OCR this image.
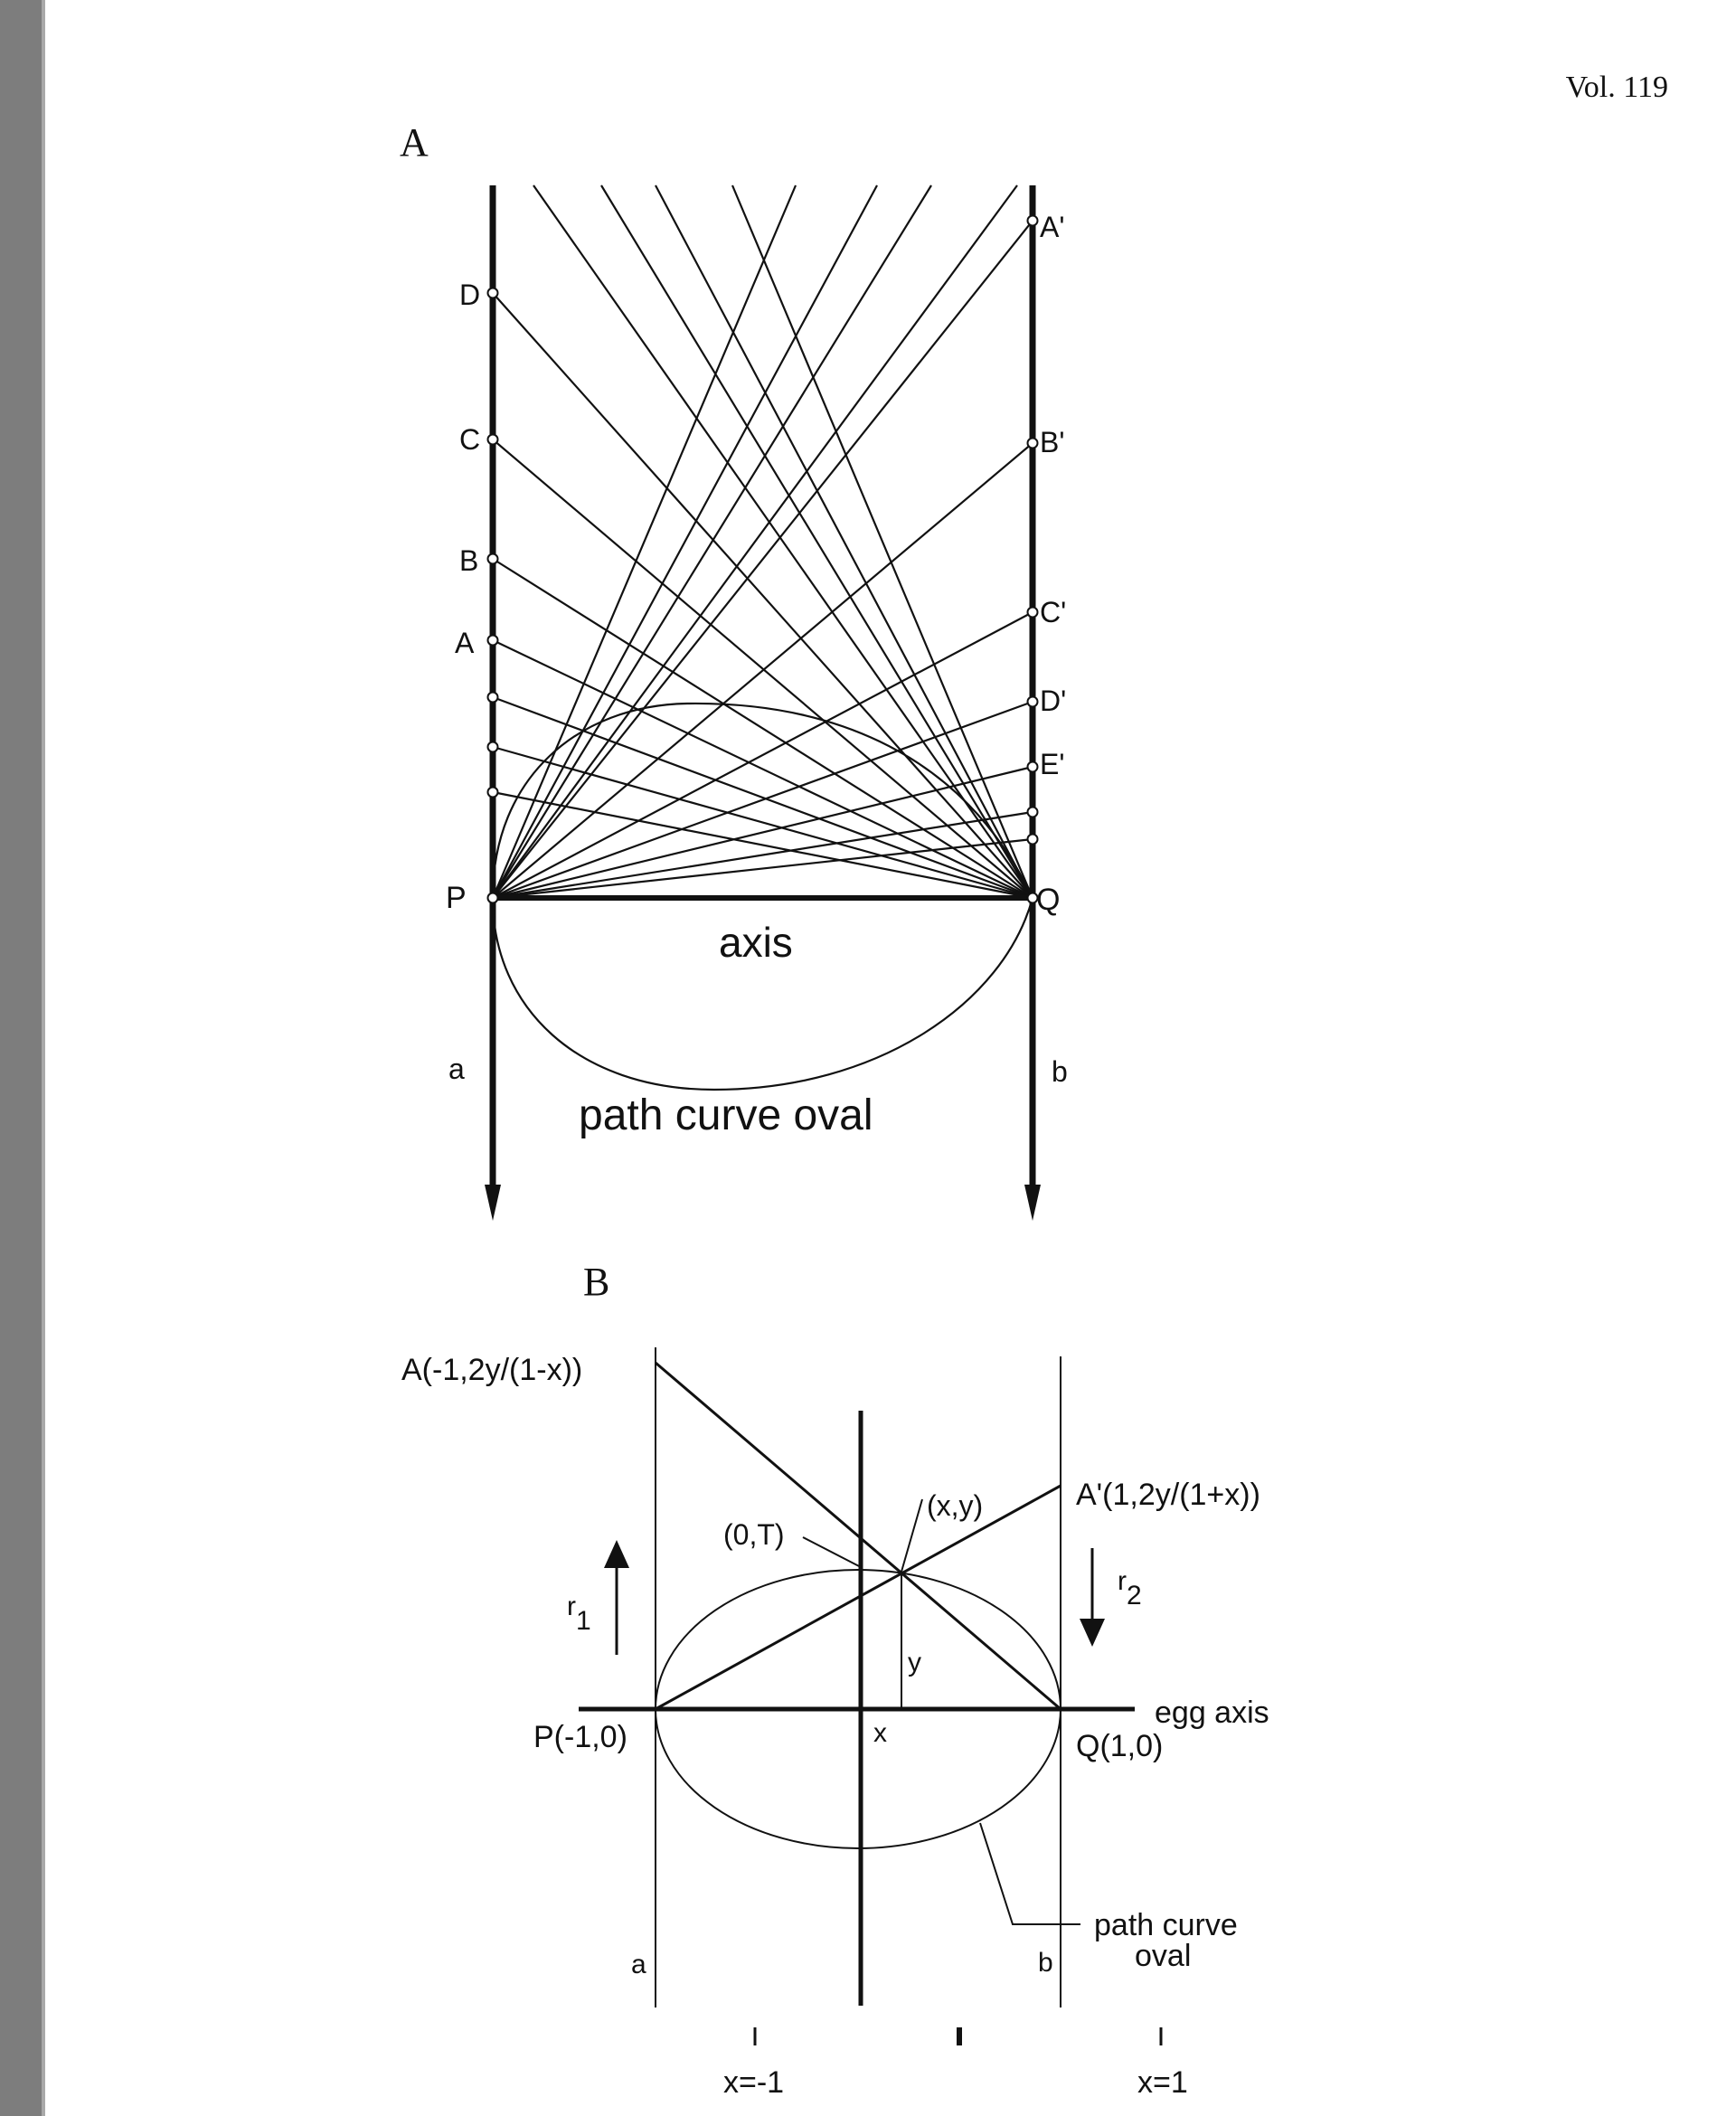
Vol. 119
A
D
C
B
A
P
A'
B'
C'
D'
E'
Q
axis
a	b
path curve oval
B
A(-1,2y/(1-x))
A'(1,2y/(1+x))
(x,y)
(0,T)
r1
r2
y
x
P(-1,0)	Q(1,0)
egg axis
path curve
oval
a	b
x=-1	x=1
